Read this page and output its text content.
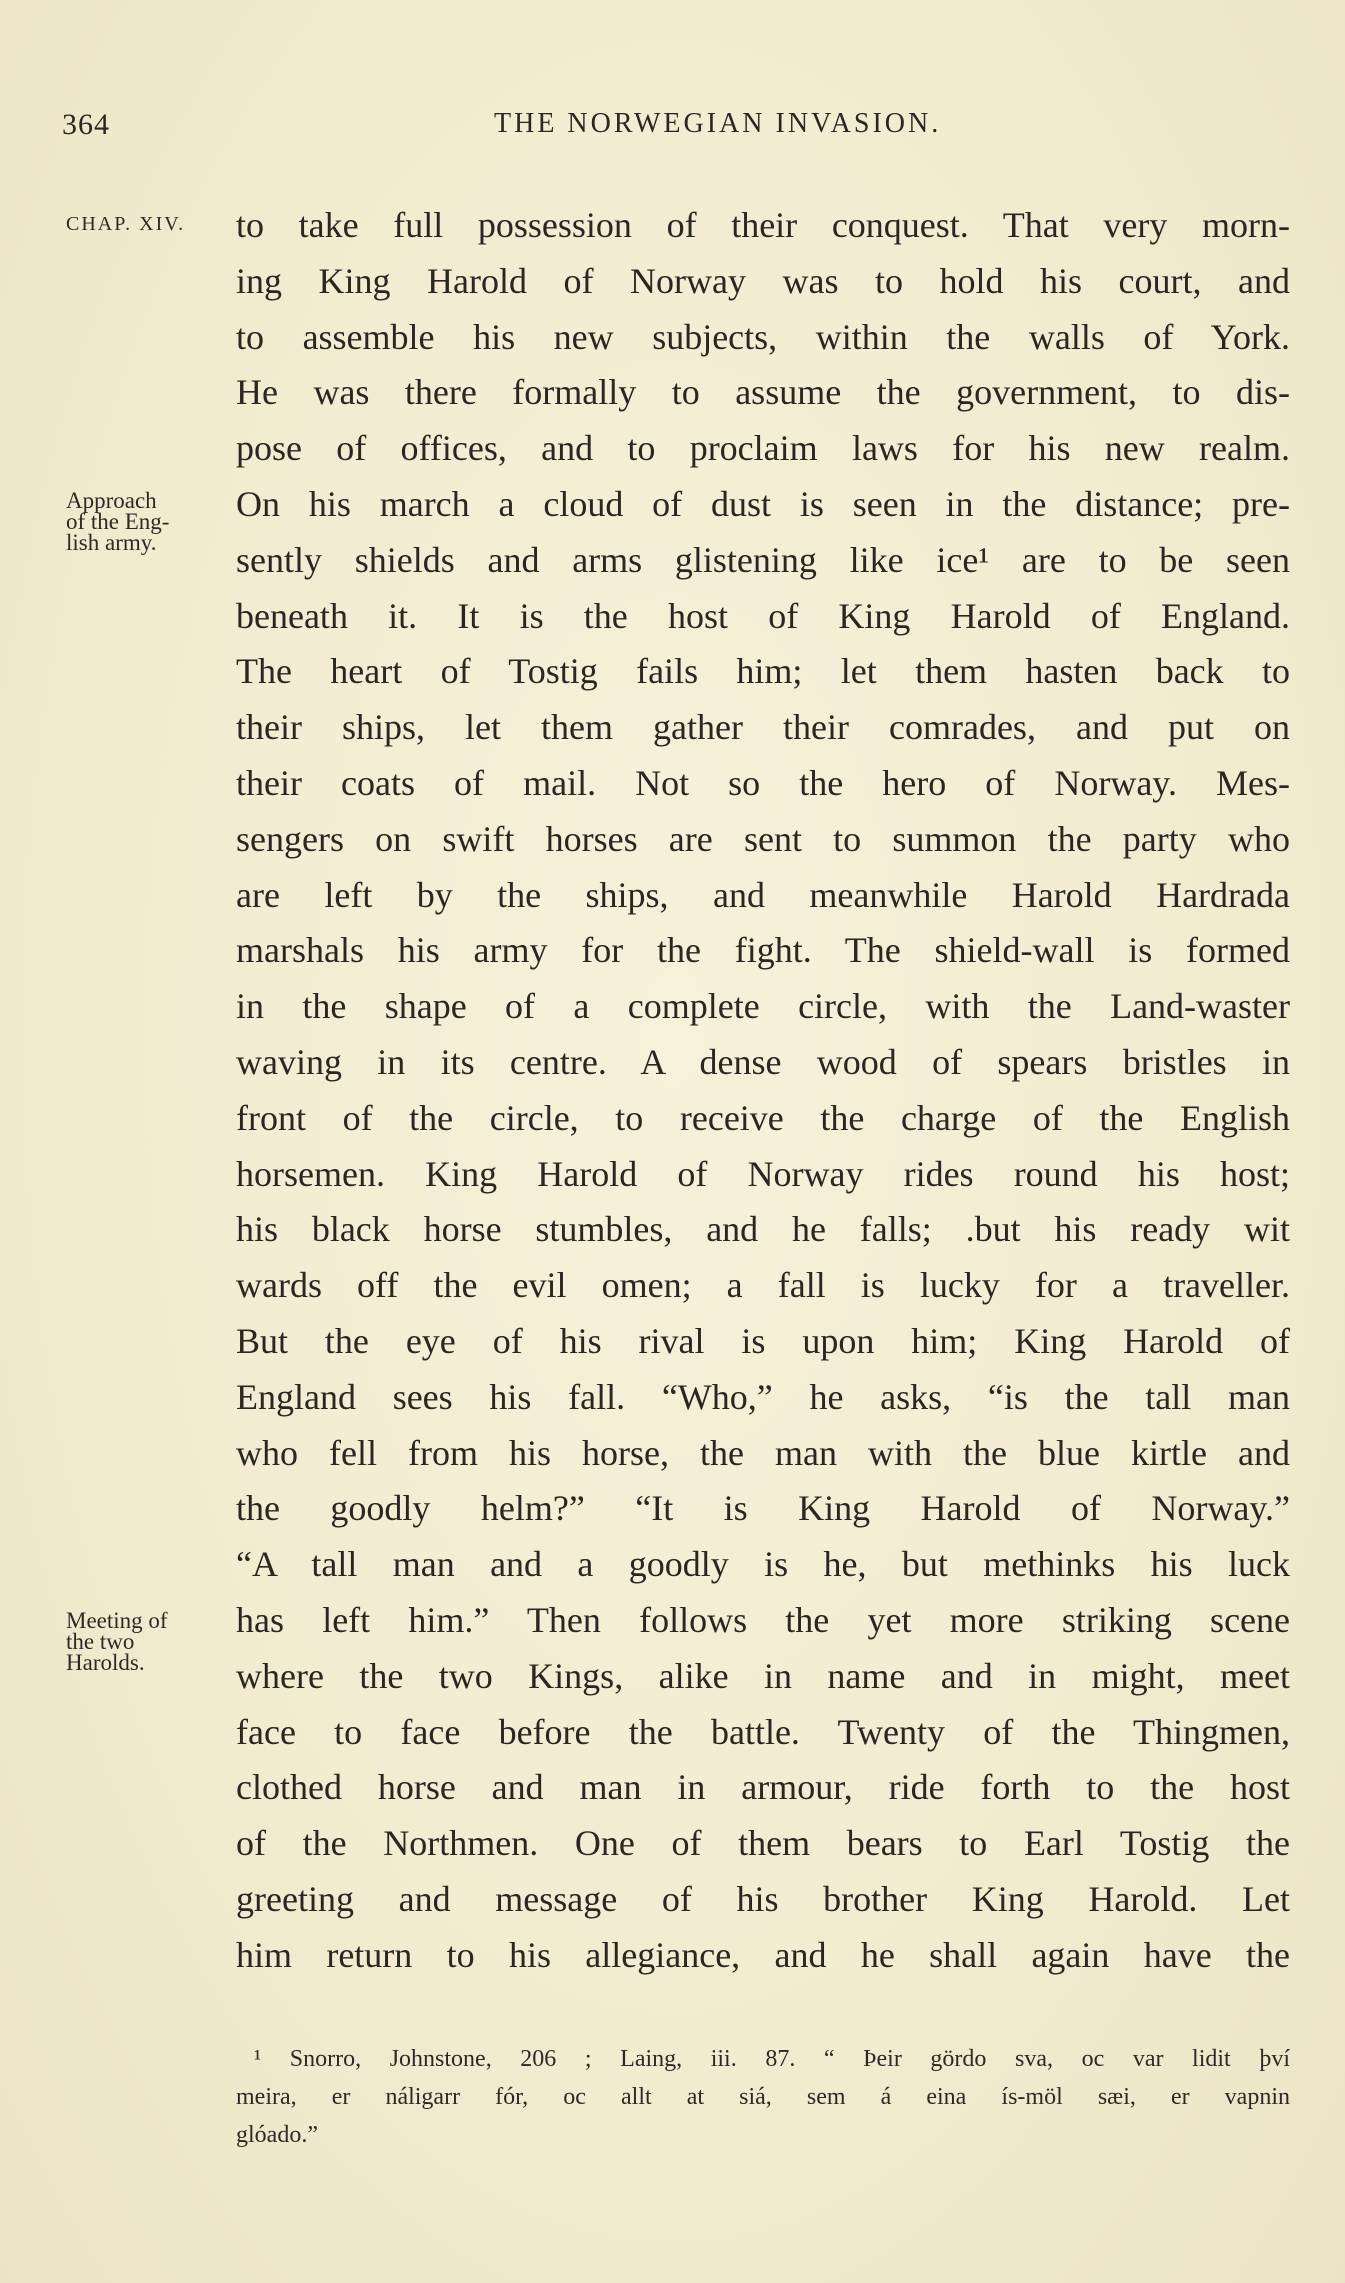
364	THE NORWEGIAN INVASION.
CHAP. XIV.
Approach
of the Eng-
lish army.
Meeting of
the two
Harolds.
to take full possession of their conquest. That very morn-
ing King Harold of Norway was to hold his court, and
to assemble his new subjects, within the walls of York.
He was there formally to assume the government, to dis-
pose of offices, and to proclaim laws for his new realm.
On his march a cloud of dust is seen in the distance; pre-
sently shields and arms glistening like ice¹ are to be seen
beneath it. It is the host of King Harold of England.
The heart of Tostig fails him; let them hasten back to
their ships, let them gather their comrades, and put on
their coats of mail. Not so the hero of Norway. Mes-
sengers on swift horses are sent to summon the party who
are left by the ships, and meanwhile Harold Hardrada
marshals his army for the fight. The shield-wall is formed
in the shape of a complete circle, with the Land-waster
waving in its centre. A dense wood of spears bristles in
front of the circle, to receive the charge of the English
horsemen. King Harold of Norway rides round his host;
his black horse stumbles, and he falls; .but his ready wit
wards off the evil omen; a fall is lucky for a traveller.
But the eye of his rival is upon him; King Harold of
England sees his fall. “Who,” he asks, “is the tall man
who fell from his horse, the man with the blue kirtle and
the goodly helm?” “It is King Harold of Norway.”
“A tall man and a goodly is he, but methinks his luck
has left him.” Then follows the yet more striking scene
where the two Kings, alike in name and in might, meet
face to face before the battle. Twenty of the Thingmen,
clothed horse and man in armour, ride forth to the host
of the Northmen. One of them bears to Earl Tostig the
greeting and message of his brother King Harold. Let
him return to his allegiance, and he shall again have the
¹ Snorro, Johnstone, 206 ; Laing, iii. 87. “ Þeir gördo sva, oc var lidit því
meira, er náligarr fór, oc allt at siá, sem á eina ís-möl sæi, er vapnin
glóado.”
